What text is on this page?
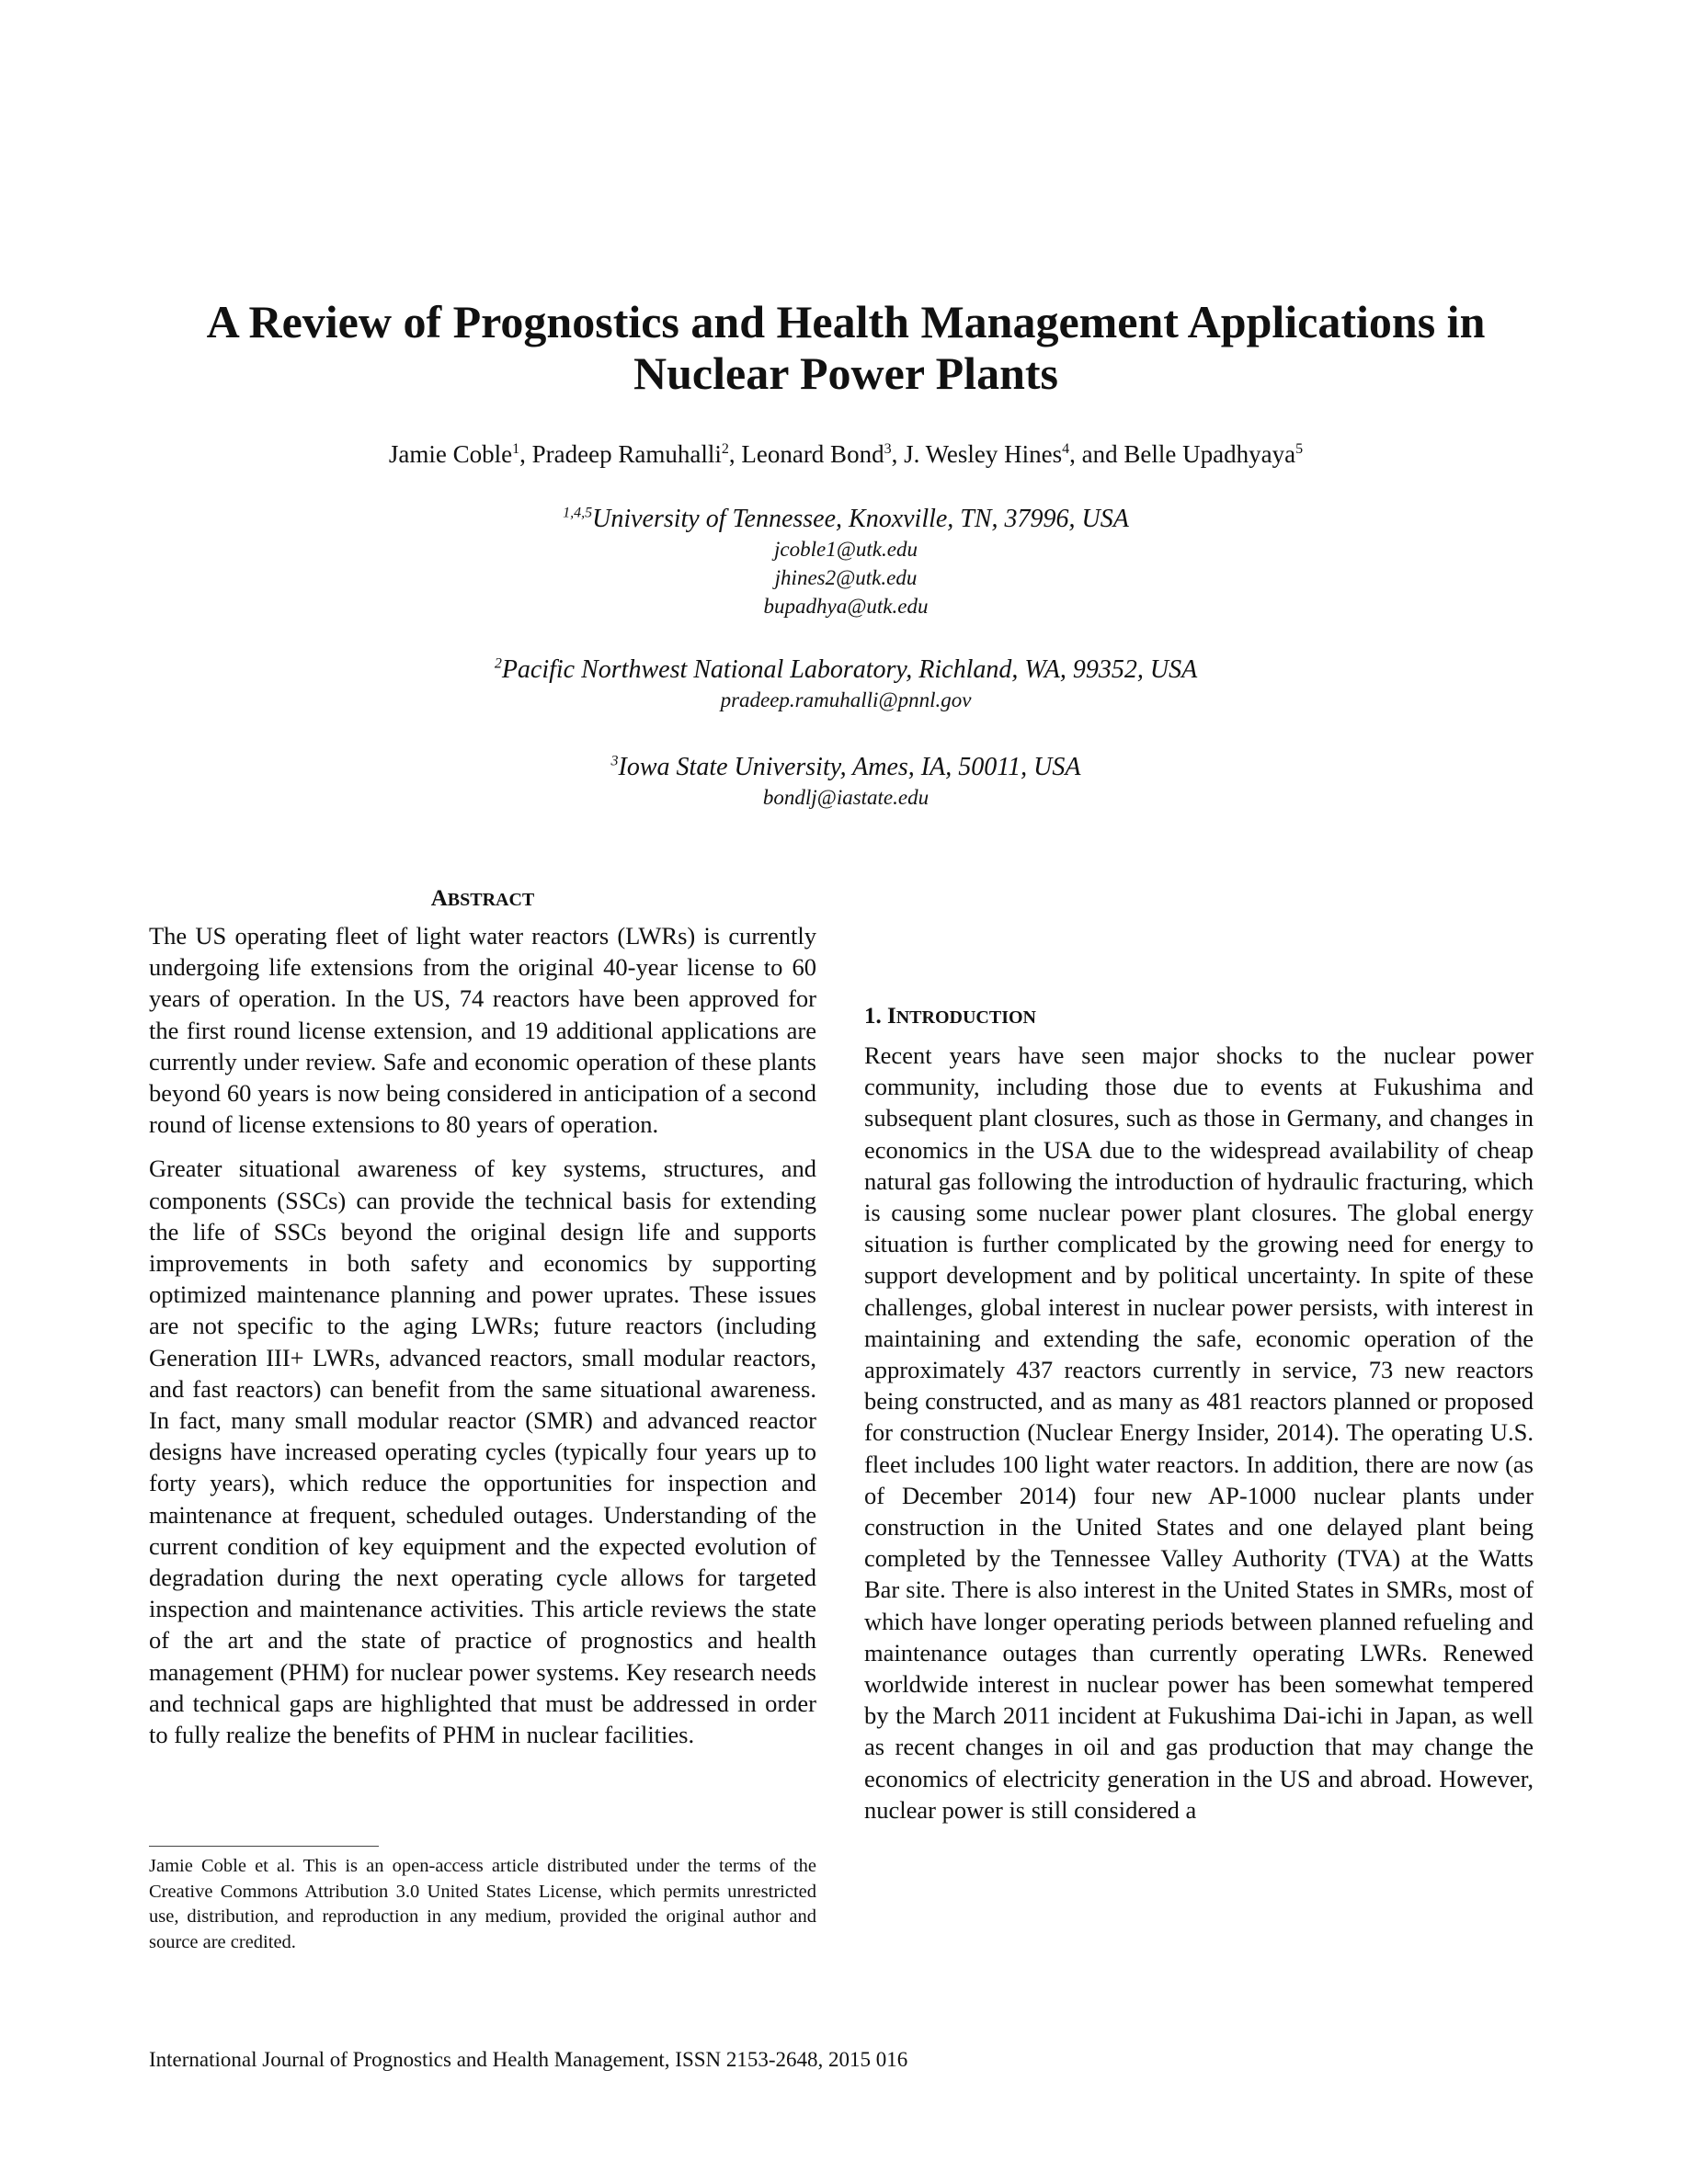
A Review of Prognostics and Health Management Applications in
Nuclear Power Plants
Jamie Coble$^1$, Pradeep Ramuhalli$^2$, Leonard Bond$^3$, J. Wesley Hines$^4$, and Belle Upadhyaya$^5$
$^{1,4,5}$University of Tennessee, Knoxville, TN, 37996, USA
jcoble1@utk.edu
jhines2@utk.edu
bupadhya@utk.edu
$^2$Pacific Northwest National Laboratory, Richland, WA, 99352, USA
pradeep.ramuhalli@pnnl.gov
$^3$Iowa State University, Ames, IA, 50011, USA
bondlj@iastate.edu
ABSTRACT

The US operating fleet of light water reactors (LWRs) is currently undergoing life extensions from the original 40-year license to 60 years of operation. In the US, 74 reactors have been approved for the first round license extension, and 19 additional applications are currently under review. Safe and economic operation of these plants beyond 60 years is now being considered in anticipation of a second round of license extensions to 80 years of operation.

Greater situational awareness of key systems, structures, and components (SSCs) can provide the technical basis for extending the life of SSCs beyond the original design life and supports improvements in both safety and economics by supporting optimized maintenance planning and power uprates. These issues are not specific to the aging LWRs; future reactors (including Generation III+ LWRs, advanced reactors, small modular reactors, and fast reactors) can benefit from the same situational awareness. In fact, many small modular reactor (SMR) and advanced reactor designs have increased operating cycles (typically four years up to forty years), which reduce the opportunities for inspection and maintenance at frequent, scheduled outages. Understanding of the current condition of key equipment and the expected evolution of degradation during the next operating cycle allows for targeted inspection and maintenance activities. This article reviews the state of the art and the state of practice of prognostics and health management (PHM) for nuclear power systems. Key research needs and technical gaps are highlighted that must be addressed in order to fully realize the benefits of PHM in nuclear facilities.

1. INTRODUCTION

Recent years have seen major shocks to the nuclear power community, including those due to events at Fukushima and subsequent plant closures, such as those in Germany, and changes in economics in the USA due to the widespread availability of cheap natural gas following the introduction of hydraulic fracturing, which is causing some nuclear power plant closures. The global energy situation is further complicated by the growing need for energy to support development and by political uncertainty. In spite of these challenges, global interest in nuclear power persists, with interest in maintaining and extending the safe, economic operation of the approximately 437 reactors currently in service, 73 new reactors being constructed, and as many as 481 reactors planned or proposed for construction (Nuclear Energy Insider, 2014). The operating U.S. fleet includes 100 light water reactors. In addition, there are now (as of December 2014) four new AP-1000 nuclear plants under construction in the United States and one delayed plant being completed by the Tennessee Valley Authority (TVA) at the Watts Bar site. There is also interest in the United States in SMRs, most of which have longer operating periods between planned refueling and maintenance outages than currently operating LWRs. Renewed worldwide interest in nuclear power has been somewhat tempered by the March 2011 incident at Fukushima Dai-ichi in Japan, as well as recent changes in oil and gas production that may change the economics of electricity generation in the US and abroad. However, nuclear power is still considered a

Jamie Coble et al. This is an open-access article distributed under the terms of the Creative Commons Attribution 3.0 United States License, which permits unrestricted use, distribution, and reproduction in any medium, provided the original author and source are credited.

International Journal of Prognostics and Health Management, ISSN 2153-2648, 2015 016
